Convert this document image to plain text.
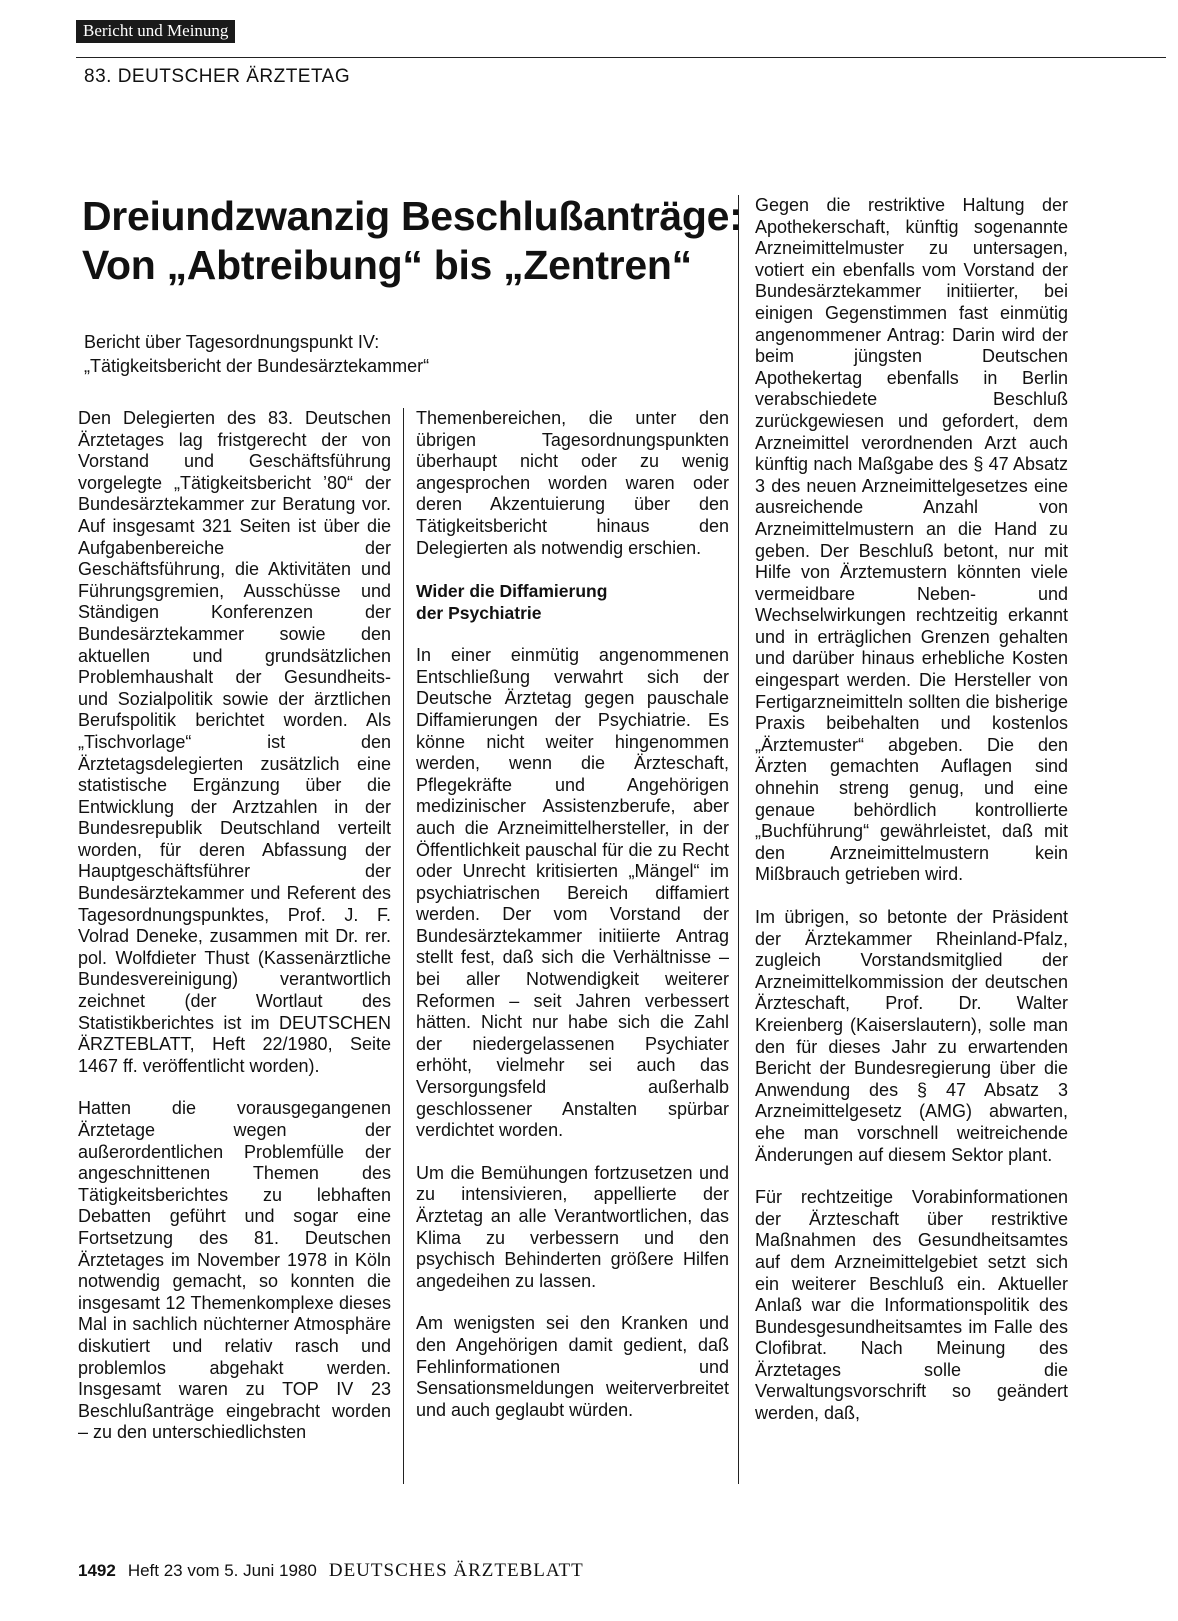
Bericht und Meinung
83. DEUTSCHER ÄRZTETAG
Dreiundzwanzig Beschlußanträge:
Von „Abtreibung“ bis „Zentren“
Bericht über Tagesordnungspunkt IV:
„Tätigkeitsbericht der Bundesärztekammer“

Den Delegierten des 83. Deutschen Ärztetages lag fristgerecht der von Vorstand und Geschäftsführung vorgelegte „Tätigkeitsbericht ’80“ der Bundesärztekammer zur Beratung vor. Auf insgesamt 321 Seiten ist über die Aufgabenbereiche der Geschäftsführung, die Aktivitäten und Führungsgremien, Ausschüsse und Ständigen Konferenzen der Bundesärztekammer sowie den aktuellen und grundsätzlichen Problemhaushalt der Gesundheits- und Sozialpolitik sowie der ärztlichen Berufspolitik berichtet worden. Als „Tischvorlage“ ist den Ärztetagsdelegierten zusätzlich eine statistische Ergänzung über die Entwicklung der Arztzahlen in der Bundesrepublik Deutschland verteilt worden, für deren Abfassung der Hauptgeschäftsführer der Bundesärztekammer und Referent des Tagesordnungspunktes, Prof. J. F. Volrad Deneke, zusammen mit Dr. rer. pol. Wolfdieter Thust (Kassenärztliche Bundesvereinigung) verantwortlich zeichnet (der Wortlaut des Statistikberichtes ist im DEUTSCHEN ÄRZTEBLATT, Heft 22/1980, Seite 1467 ff. veröffentlicht worden).

Hatten die vorausgegangenen Ärztetage wegen der außerordentlichen Problemfülle der angeschnittenen Themen des Tätigkeitsberichtes zu lebhaften Debatten geführt und sogar eine Fortsetzung des 81. Deutschen Ärztetages im November 1978 in Köln notwendig gemacht, so konnten die insgesamt 12 Themenkomplexe dieses Mal in sachlich nüchterner Atmosphäre diskutiert und relativ rasch und problemlos abgehakt werden. Insgesamt waren zu TOP IV 23 Beschlußanträge eingebracht worden – zu den unterschiedlichsten

Themenbereichen, die unter den übrigen Tagesordnungspunkten überhaupt nicht oder zu wenig angesprochen worden waren oder deren Akzentuierung über den Tätigkeitsbericht hinaus den Delegierten als notwendig erschien.

Wider die Diffamierung
der Psychiatrie

In einer einmütig angenommenen Entschließung verwahrt sich der Deutsche Ärztetag gegen pauschale Diffamierungen der Psychiatrie. Es könne nicht weiter hingenommen werden, wenn die Ärzteschaft, Pflegekräfte und Angehörigen medizinischer Assistenzberufe, aber auch die Arzneimittelhersteller, in der Öffentlichkeit pauschal für die zu Recht oder Unrecht kritisierten „Mängel“ im psychiatrischen Bereich diffamiert werden. Der vom Vorstand der Bundesärztekammer initiierte Antrag stellt fest, daß sich die Verhältnisse – bei aller Notwendigkeit weiterer Reformen – seit Jahren verbessert hätten. Nicht nur habe sich die Zahl der niedergelassenen Psychiater erhöht, vielmehr sei auch das Versorgungsfeld außerhalb geschlossener Anstalten spürbar verdichtet worden.

Um die Bemühungen fortzusetzen und zu intensivieren, appellierte der Ärztetag an alle Verantwortlichen, das Klima zu verbessern und den psychisch Behinderten größere Hilfen angedeihen zu lassen.

Am wenigsten sei den Kranken und den Angehörigen damit gedient, daß Fehlinformationen und Sensationsmeldungen weiterverbreitet und auch geglaubt würden.

Gegen die restriktive Haltung der Apothekerschaft, künftig sogenannte Arzneimittelmuster zu untersagen, votiert ein ebenfalls vom Vorstand der Bundesärztekammer initiierter, bei einigen Gegenstimmen fast einmütig angenommener Antrag: Darin wird der beim jüngsten Deutschen Apothekertag ebenfalls in Berlin verabschiedete Beschluß zurückgewiesen und gefordert, dem Arzneimittel verordnenden Arzt auch künftig nach Maßgabe des § 47 Absatz 3 des neuen Arzneimittelgesetzes eine ausreichende Anzahl von Arzneimittelmustern an die Hand zu geben. Der Beschluß betont, nur mit Hilfe von Ärztemustern könnten viele vermeidbare Neben- und Wechselwirkungen rechtzeitig erkannt und in erträglichen Grenzen gehalten und darüber hinaus erhebliche Kosten eingespart werden. Die Hersteller von Fertigarzneimitteln sollten die bisherige Praxis beibehalten und kostenlos „Ärztemuster“ abgeben. Die den Ärzten gemachten Auflagen sind ohnehin streng genug, und eine genaue behördlich kontrollierte „Buchführung“ gewährleistet, daß mit den Arzneimittelmustern kein Mißbrauch getrieben wird.

Im übrigen, so betonte der Präsident der Ärztekammer Rheinland-Pfalz, zugleich Vorstandsmitglied der Arzneimittelkommission der deutschen Ärzteschaft, Prof. Dr. Walter Kreienberg (Kaiserslautern), solle man den für dieses Jahr zu erwartenden Bericht der Bundesregierung über die Anwendung des § 47 Absatz 3 Arzneimittelgesetz (AMG) abwarten, ehe man vorschnell weitreichende Änderungen auf diesem Sektor plant.

Für rechtzeitige Vorabinformationen der Ärzteschaft über restriktive Maßnahmen des Gesundheitsamtes auf dem Arzneimittelgebiet setzt sich ein weiterer Beschluß ein. Aktueller Anlaß war die Informationspolitik des Bundesgesundheitsamtes im Falle des Clofibrat. Nach Meinung des Ärztetages solle die Verwaltungsvorschrift so geändert werden, daß,

1492 Heft 23 vom 5. Juni 1980 DEUTSCHES ÄRZTEBLATT
